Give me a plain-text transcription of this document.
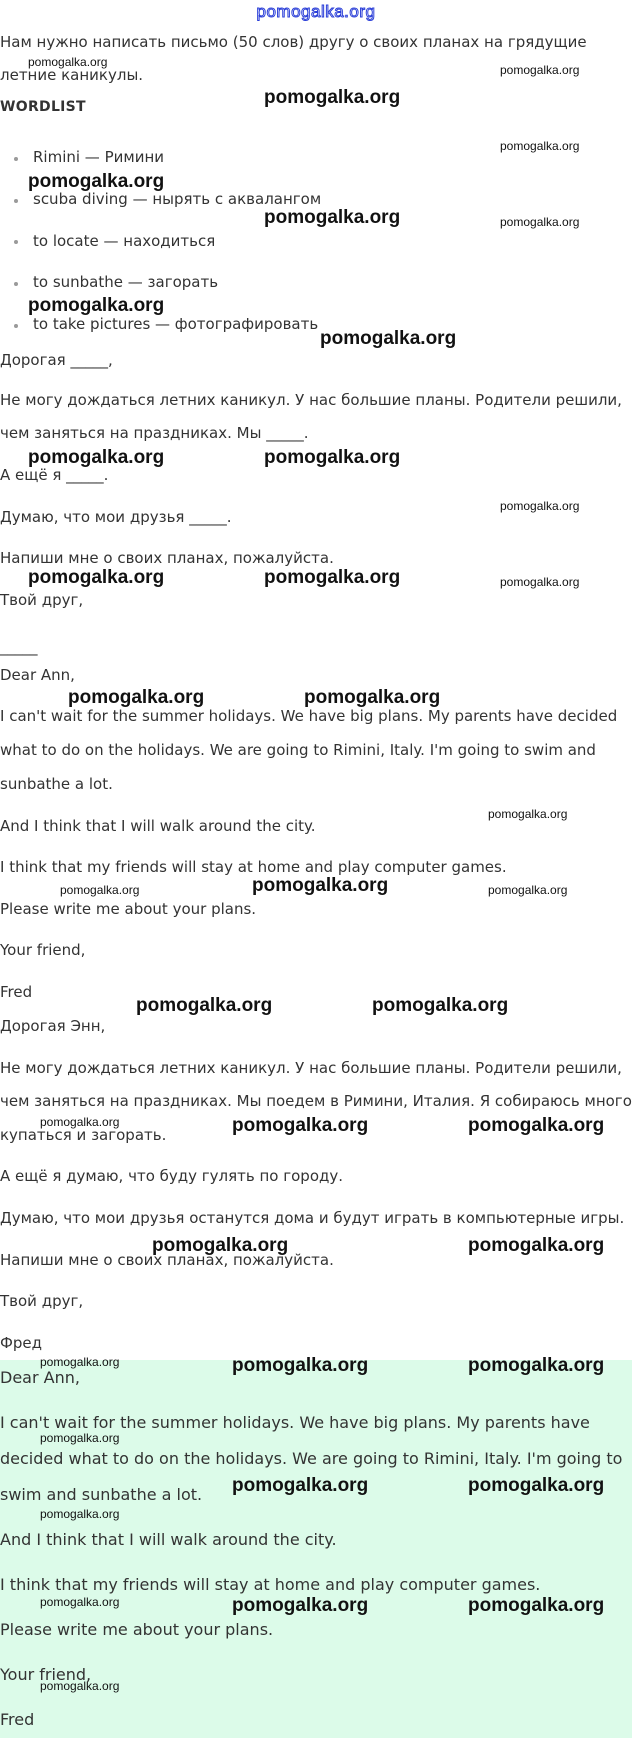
pomogalka.org
Нам нужно написать письмо (50 слов) другу о своих планах на грядущие
летние каникулы.
WORDLIST
Rimini — Римини
scuba diving — нырять с аквалангом
to locate — находиться
to sunbathe — загорать
to take pictures — фотографировать
Дорогая _____,
Не могу дождаться летних каникул. У нас большие планы. Родители решили,
чем заняться на праздниках. Мы _____.
А ещё я _____.
Думаю, что мои друзья _____.
Напиши мне о своих планах, пожалуйста.
Твой друг,
_____
Dear Ann,
I can't wait for the summer holidays. We have big plans. My parents have decided
what to do on the holidays. We are going to Rimini, Italy. I'm going to swim and
sunbathe a lot.
And I think that I will walk around the city.
I think that my friends will stay at home and play computer games.
Please write me about your plans.
Your friend,
Fred
Дорогая Энн,
Не могу дождаться летних каникул. У нас большие планы. Родители решили,
чем заняться на праздниках. Мы поедем в Римини, Италия. Я собираюсь много
купаться и загорать.
А ещё я думаю, что буду гулять по городу.
Думаю, что мои друзья останутся дома и будут играть в компьютерные игры.
Напиши мне о своих планах, пожалуйста.
Твой друг,
Фред
Dear Ann,
I can't wait for the summer holidays. We have big plans. My parents have
decided what to do on the holidays. We are going to Rimini, Italy. I'm going to
swim and sunbathe a lot.
And I think that I will walk around the city.
I think that my friends will stay at home and play computer games.
Please write me about your plans.
Your friend,
Fred
pomogalka.org
pomogalka.org
pomogalka.org
pomogalka.org
pomogalka.org
pomogalka.org	pomogalka.org
pomogalka.org
pomogalka.org
pomogalka.org	pomogalka.org
pomogalka.org
pomogalka.org	pomogalka.org	pomogalka.org
pomogalka.org	pomogalka.org
pomogalka.org
pomogalka.org	pomogalka.org	pomogalka.org
pomogalka.org	pomogalka.org
pomogalka.org	pomogalka.org	pomogalka.org
pomogalka.org	pomogalka.org
pomogalka.org	pomogalka.org	pomogalka.org
pomogalka.org
pomogalka.org	pomogalka.org
pomogalka.org
pomogalka.org	pomogalka.org	pomogalka.org
pomogalka.org
